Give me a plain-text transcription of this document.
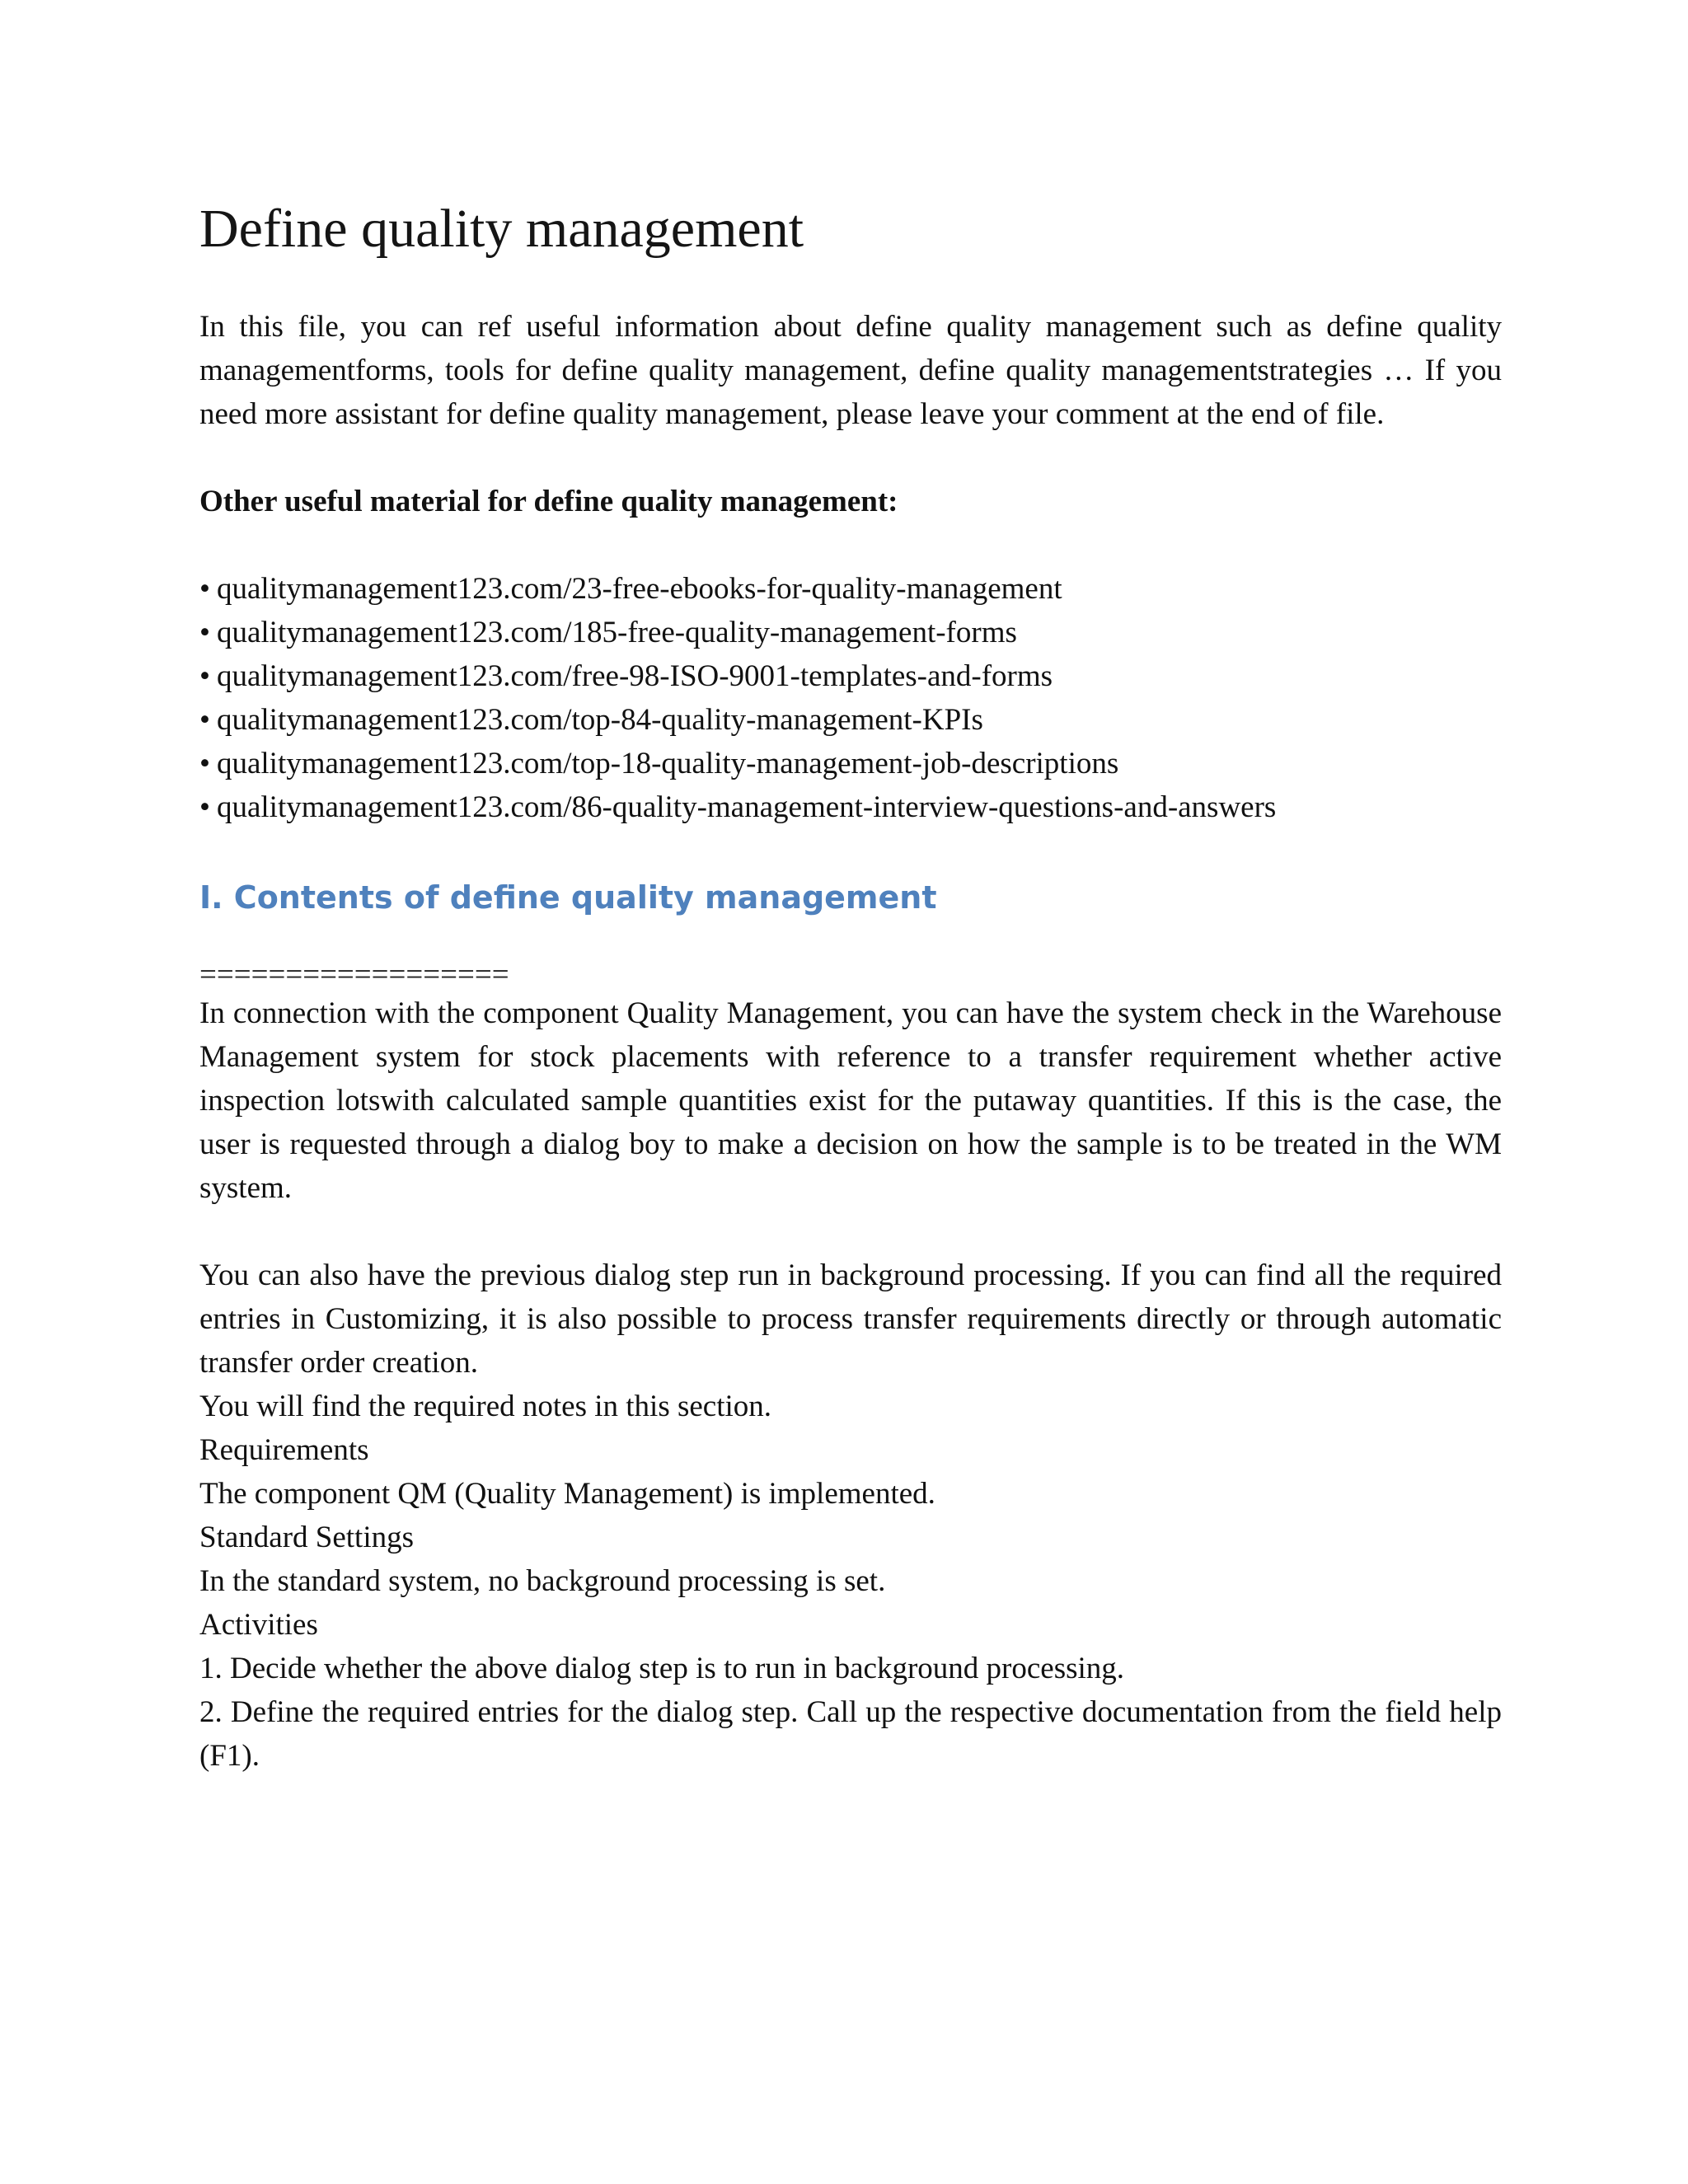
Define quality management

In this file, you can ref useful information about define quality management such as define quality managementforms, tools for define quality management, define quality managementstrategies … If you need more assistant for define quality management, please leave your comment at the end of file.

Other useful material for define quality management:

• qualitymanagement123.com/23-free-ebooks-for-quality-management
• qualitymanagement123.com/185-free-quality-management-forms
• qualitymanagement123.com/free-98-ISO-9001-templates-and-forms
• qualitymanagement123.com/top-84-quality-management-KPIs
• qualitymanagement123.com/top-18-quality-management-job-descriptions
• qualitymanagement123.com/86-quality-management-interview-questions-and-answers
I. Contents of define quality management

==================

In connection with the component Quality Management, you can have the system check in the Warehouse Management system for stock placements with reference to a transfer requirement whether active inspection lotswith calculated sample quantities exist for the putaway quantities. If this is the case, the user is requested through a dialog boy to make a decision on how the sample is to be treated in the WM system.

You can also have the previous dialog step run in background processing. If you can find all the required entries in Customizing, it is also possible to process transfer requirements directly or through automatic transfer order creation.

You will find the required notes in this section.

Requirements

The component QM (Quality Management) is implemented.

Standard Settings

In the standard system, no background processing is set.

Activities

1. Decide whether the above dialog step is to run in background processing.

2. Define the required entries for the dialog step. Call up the respective documentation from the field help (F1).
